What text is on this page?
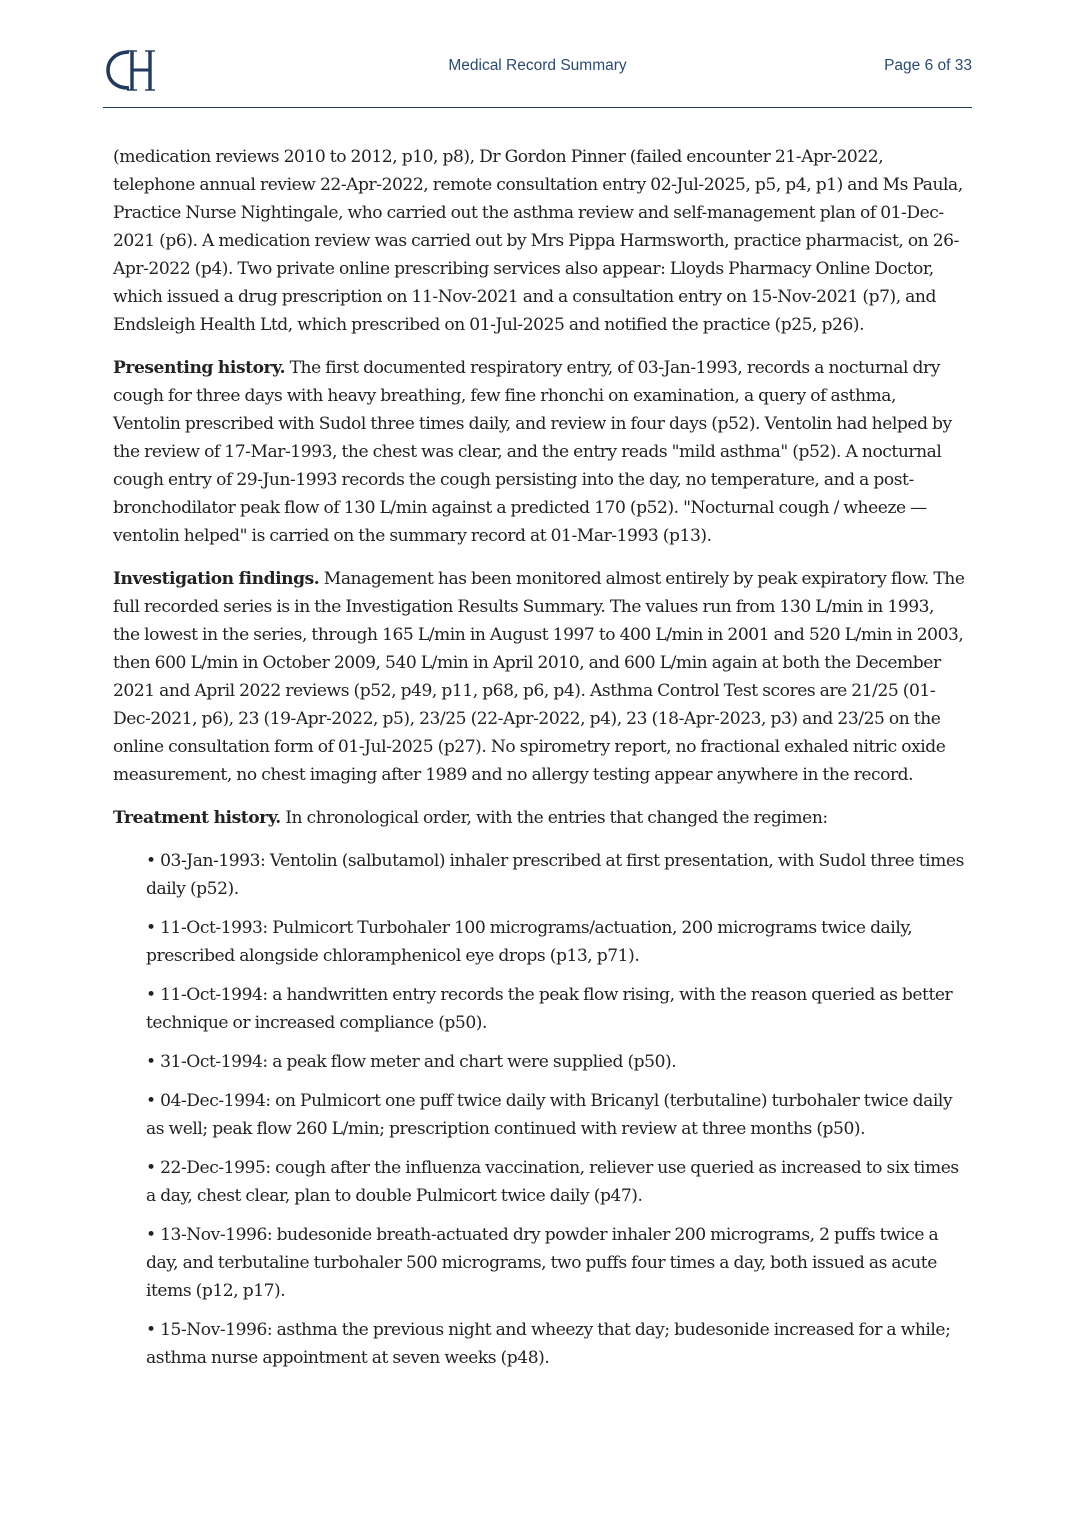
Medical Record Summary	Page 6 of 33

(medication reviews 2010 to 2012, p10, p8), Dr Gordon Pinner (failed encounter 21-Apr-2022, telephone annual review 22-Apr-2022, remote consultation entry 02-Jul-2025, p5, p4, p1) and Ms Paula, Practice Nurse Nightingale, who carried out the asthma review and self-management plan of 01-Dec-2021 (p6). A medication review was carried out by Mrs Pippa Harmsworth, practice pharmacist, on 26-Apr-2022 (p4). Two private online prescribing services also appear: Lloyds Pharmacy Online Doctor, which issued a drug prescription on 11-Nov-2021 and a consultation entry on 15-Nov-2021 (p7), and Endsleigh Health Ltd, which prescribed on 01-Jul-2025 and notified the practice (p25, p26).

Presenting history. The first documented respiratory entry, of 03-Jan-1993, records a nocturnal dry cough for three days with heavy breathing, few fine rhonchi on examination, a query of asthma, Ventolin prescribed with Sudol three times daily, and review in four days (p52). Ventolin had helped by the review of 17-Mar-1993, the chest was clear, and the entry reads "mild asthma" (p52). A nocturnal cough entry of 29-Jun-1993 records the cough persisting into the day, no temperature, and a post-bronchodilator peak flow of 130 L/min against a predicted 170 (p52). "Nocturnal cough / wheeze — ventolin helped" is carried on the summary record at 01-Mar-1993 (p13).

Investigation findings. Management has been monitored almost entirely by peak expiratory flow. The full recorded series is in the Investigation Results Summary. The values run from 130 L/min in 1993, the lowest in the series, through 165 L/min in August 1997 to 400 L/min in 2001 and 520 L/min in 2003, then 600 L/min in October 2009, 540 L/min in April 2010, and 600 L/min again at both the December 2021 and April 2022 reviews (p52, p49, p11, p68, p6, p4). Asthma Control Test scores are 21/25 (01-Dec-2021, p6), 23 (19-Apr-2022, p5), 23/25 (22-Apr-2022, p4), 23 (18-Apr-2023, p3) and 23/25 on the online consultation form of 01-Jul-2025 (p27). No spirometry report, no fractional exhaled nitric oxide measurement, no chest imaging after 1989 and no allergy testing appear anywhere in the record.

Treatment history. In chronological order, with the entries that changed the regimen:

• 03-Jan-1993: Ventolin (salbutamol) inhaler prescribed at first presentation, with Sudol three times daily (p52).
• 11-Oct-1993: Pulmicort Turbohaler 100 micrograms/actuation, 200 micrograms twice daily, prescribed alongside chloramphenicol eye drops (p13, p71).
• 11-Oct-1994: a handwritten entry records the peak flow rising, with the reason queried as better technique or increased compliance (p50).
• 31-Oct-1994: a peak flow meter and chart were supplied (p50).
• 04-Dec-1994: on Pulmicort one puff twice daily with Bricanyl (terbutaline) turbohaler twice daily as well; peak flow 260 L/min; prescription continued with review at three months (p50).
• 22-Dec-1995: cough after the influenza vaccination, reliever use queried as increased to six times a day, chest clear, plan to double Pulmicort twice daily (p47).
• 13-Nov-1996: budesonide breath-actuated dry powder inhaler 200 micrograms, 2 puffs twice a day, and terbutaline turbohaler 500 micrograms, two puffs four times a day, both issued as acute items (p12, p17).
• 15-Nov-1996: asthma the previous night and wheezy that day; budesonide increased for a while; asthma nurse appointment at seven weeks (p48).
